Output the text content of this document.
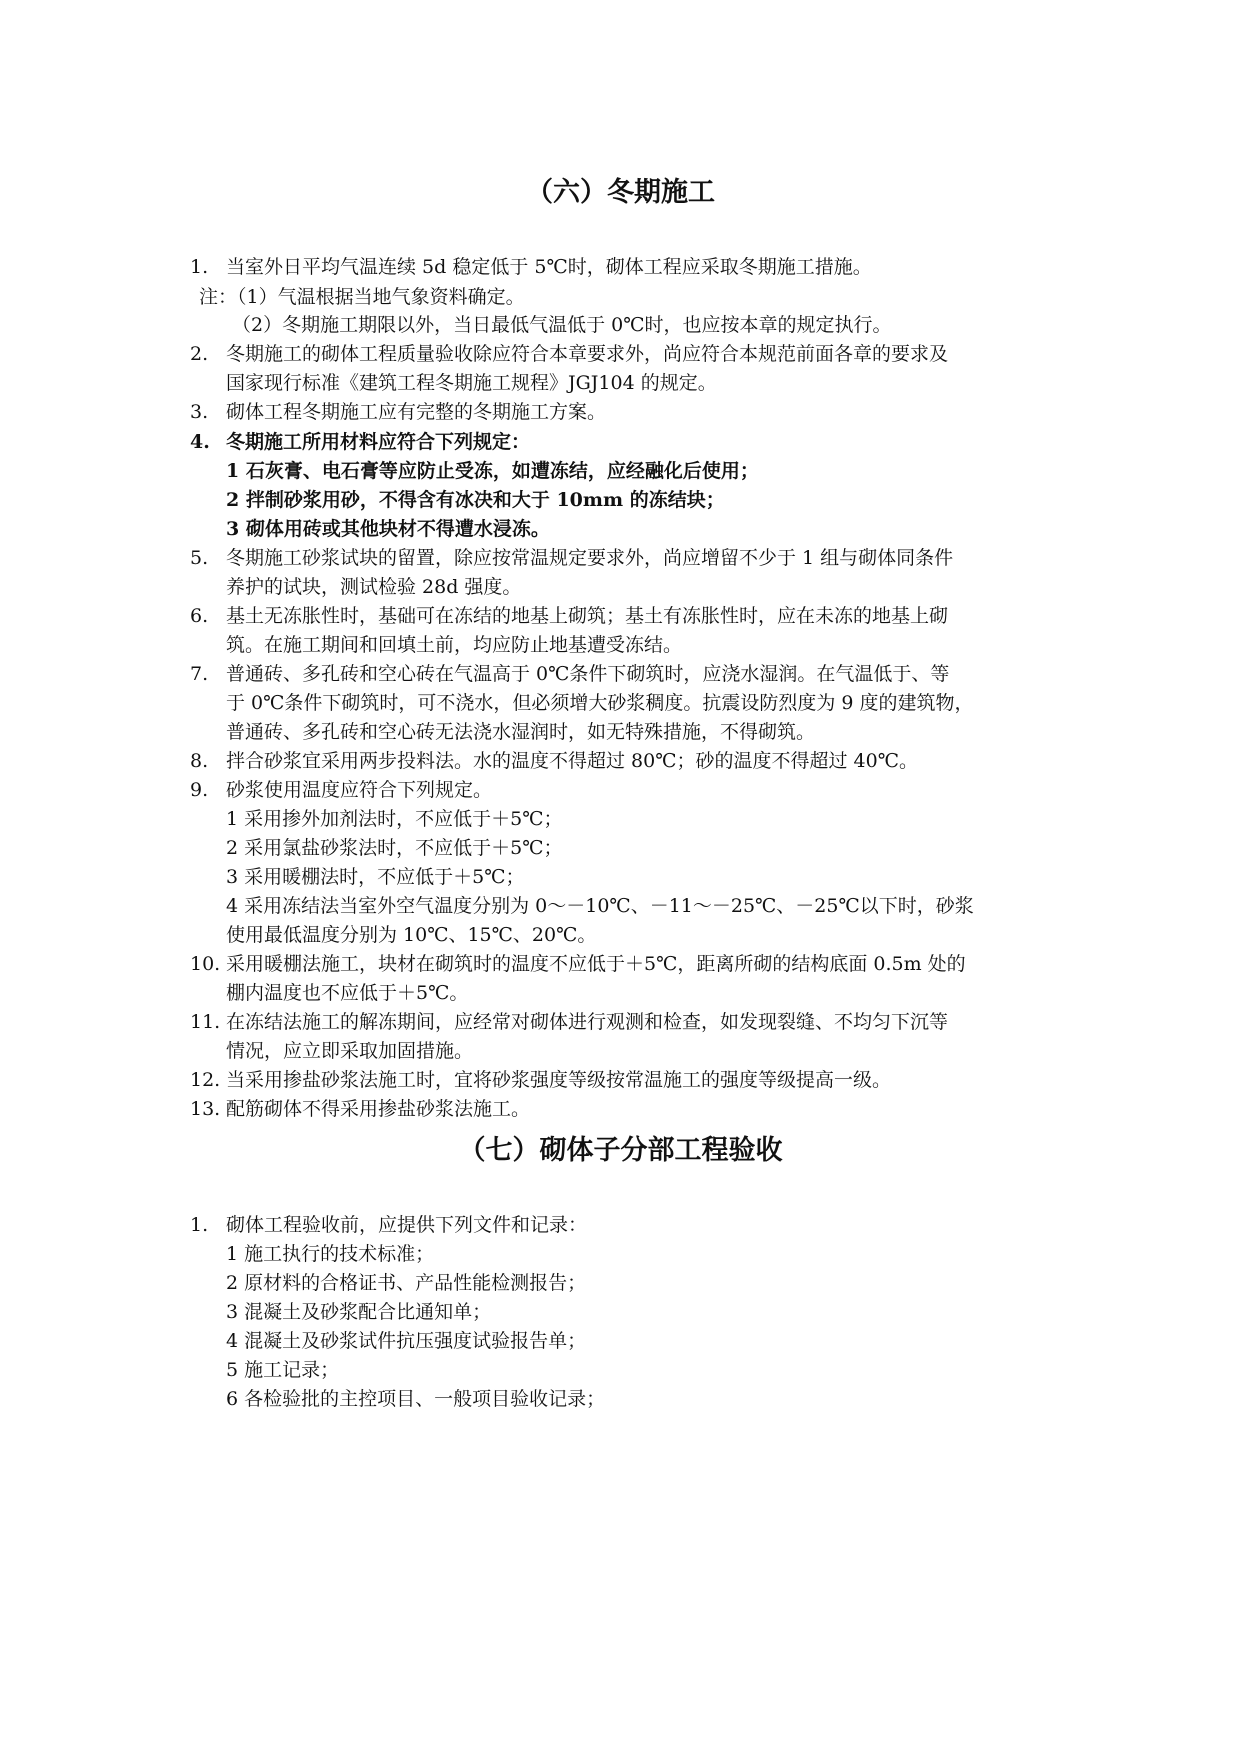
（六）冬期施工
1. 当室外日平均气温连续 5d 稳定低于 5℃时，砌体工程应采取冬期施工措施。
注：（1）气温根据当地气象资料确定。
（2）冬期施工期限以外，当日最低气温低于 0℃时，也应按本章的规定执行。
2. 冬期施工的砌体工程质量验收除应符合本章要求外，尚应符合本规范前面各章的要求及
国家现行标准《建筑工程冬期施工规程》JGJ104 的规定。
3. 砌体工程冬期施工应有完整的冬期施工方案。
4. 冬期施工所用材料应符合下列规定：
1 石灰膏、电石膏等应防止受冻，如遭冻结，应经融化后使用；
2 拌制砂浆用砂，不得含有冰决和大于 10mm 的冻结块；
3 砌体用砖或其他块材不得遭水浸冻。
5. 冬期施工砂浆试块的留置，除应按常温规定要求外，尚应增留不少于 1 组与砌体同条件
养护的试块，测试检验 28d 强度。
6. 基土无冻胀性时，基础可在冻结的地基上砌筑；基土有冻胀性时，应在未冻的地基上砌
筑。在施工期间和回填土前，均应防止地基遭受冻结。
7. 普通砖、多孔砖和空心砖在气温高于 0℃条件下砌筑时，应浇水湿润。在气温低于、等
于 0℃条件下砌筑时，可不浇水，但必须增大砂浆稠度。抗震设防烈度为 9 度的建筑物，
普通砖、多孔砖和空心砖无法浇水湿润时，如无特殊措施，不得砌筑。
8. 拌合砂浆宜采用两步投料法。水的温度不得超过 80℃；砂的温度不得超过 40℃。
9. 砂浆使用温度应符合下列规定。
1 采用掺外加剂法时，不应低于＋5℃；
2 采用氯盐砂浆法时，不应低于＋5℃；
3 采用暖棚法时，不应低于＋5℃；
4 采用冻结法当室外空气温度分别为 0～－10℃、－11～－25℃、－25℃以下时，砂浆
使用最低温度分别为 10℃、15℃、20℃。
10. 采用暖棚法施工，块材在砌筑时的温度不应低于＋5℃，距离所砌的结构底面 0.5m 处的
棚内温度也不应低于＋5℃。
11. 在冻结法施工的解冻期间，应经常对砌体进行观测和检查，如发现裂缝、不均匀下沉等
情况，应立即采取加固措施。
12. 当采用掺盐砂浆法施工时，宜将砂浆强度等级按常温施工的强度等级提高一级。
13. 配筋砌体不得采用掺盐砂浆法施工。
（七）砌体子分部工程验收
1. 砌体工程验收前，应提供下列文件和记录：
1 施工执行的技术标准；
2 原材料的合格证书、产品性能检测报告；
3 混凝土及砂浆配合比通知单；
4 混凝土及砂浆试件抗压强度试验报告单；
5 施工记录；
6 各检验批的主控项目、一般项目验收记录；
